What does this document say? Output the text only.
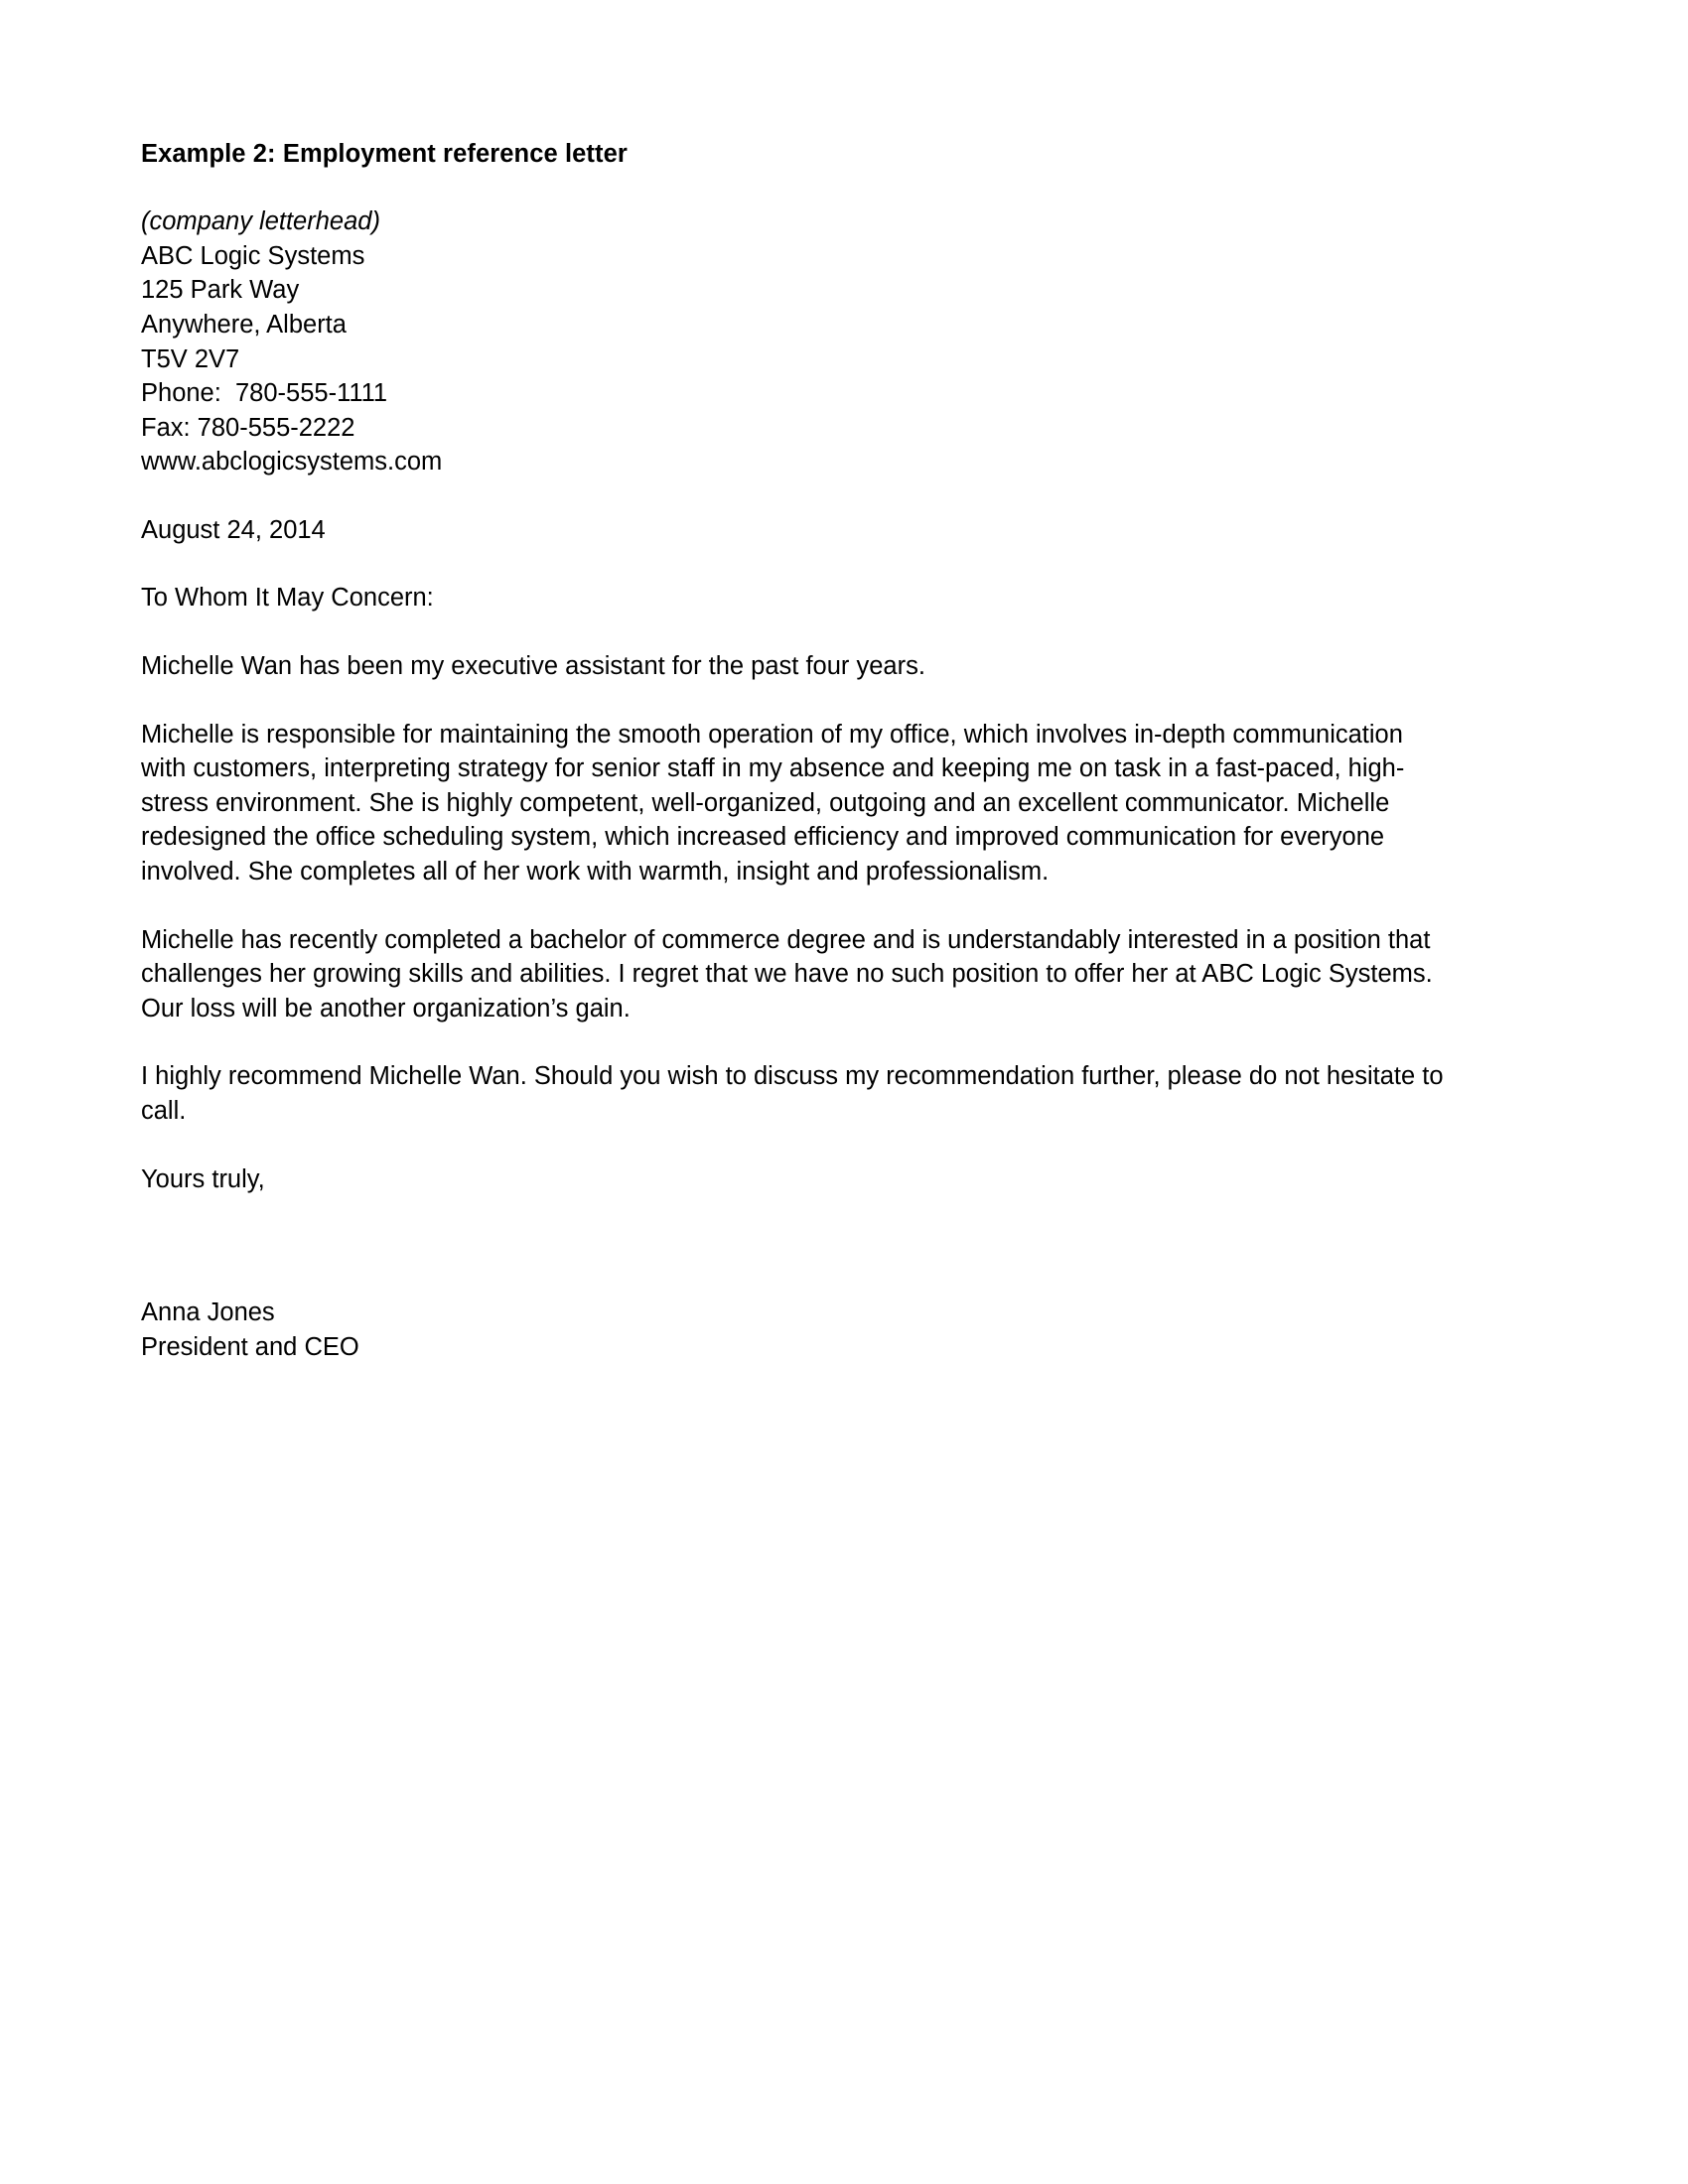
Example 2: Employment reference letter
(company letterhead)
ABC Logic Systems
125 Park Way
Anywhere, Alberta
T5V 2V7
Phone:  780-555-1111
Fax: 780-555-2222
www.abclogicsystems.com
August 24, 2014
To Whom It May Concern:
Michelle Wan has been my executive assistant for the past four years.
Michelle is responsible for maintaining the smooth operation of my office, which involves in-depth communication with customers, interpreting strategy for senior staff in my absence and keeping me on task in a fast-paced, high-stress environment. She is highly competent, well-organized, outgoing and an excellent communicator. Michelle redesigned the office scheduling system, which increased efficiency and improved communication for everyone involved. She completes all of her work with warmth, insight and professionalism.
Michelle has recently completed a bachelor of commerce degree and is understandably interested in a position that challenges her growing skills and abilities. I regret that we have no such position to offer her at ABC Logic Systems. Our loss will be another organization’s gain.
I highly recommend Michelle Wan. Should you wish to discuss my recommendation further, please do not hesitate to call.
Yours truly,
Anna Jones
President and CEO
